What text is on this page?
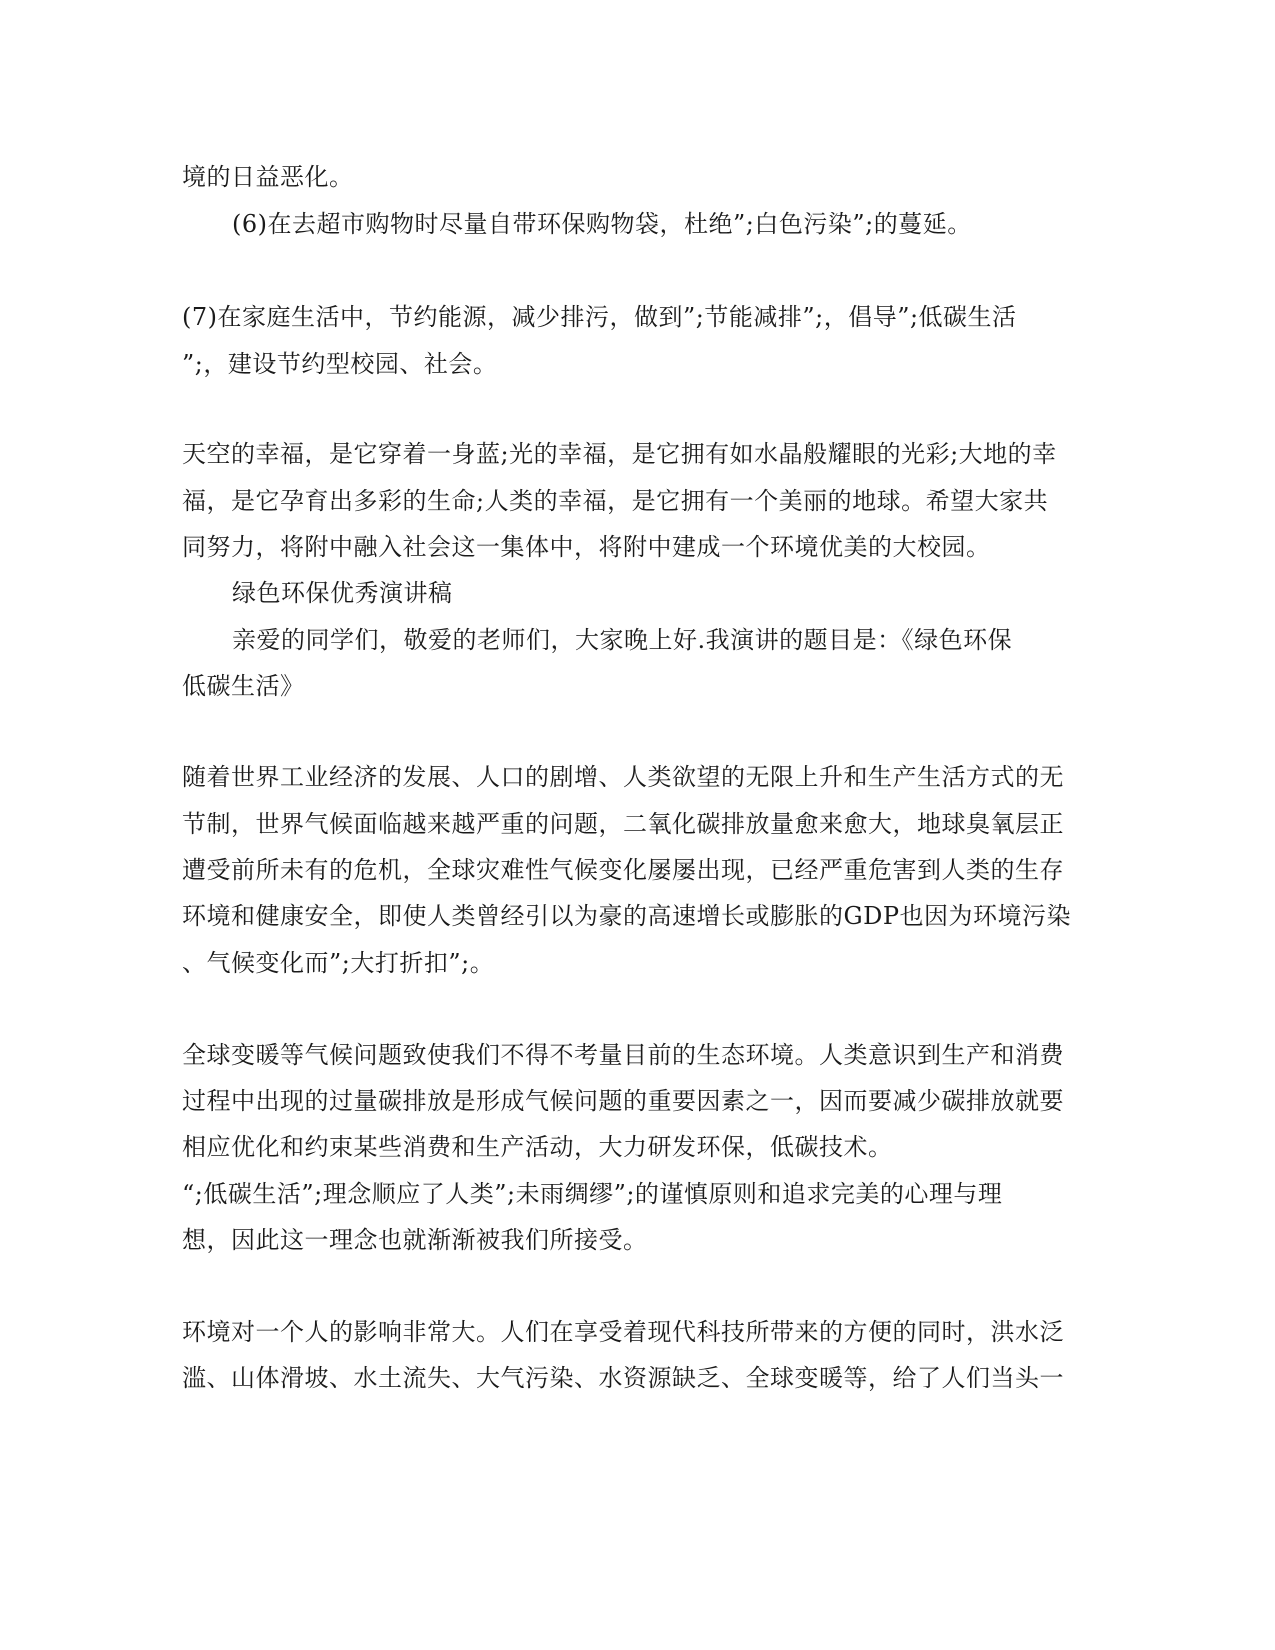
境的日益恶化。
(6)在去超市购物时尽量自带环保购物袋，杜绝”;白色污染”;的蔓延。
(7)在家庭生活中，节约能源，减少排污，做到”;节能减排”;，倡导”;低碳生活
”;，建设节约型校园、社会。
天空的幸福，是它穿着一身蓝;光的幸福，是它拥有如水晶般耀眼的光彩;大地的幸
福，是它孕育出多彩的生命;人类的幸福，是它拥有一个美丽的地球。希望大家共
同努力，将附中融入社会这一集体中，将附中建成一个环境优美的大校园。
绿色环保优秀演讲稿
亲爱的同学们，敬爱的老师们，大家晚上好.我演讲的题目是：《绿色环保
低碳生活》
随着世界工业经济的发展、人口的剧增、人类欲望的无限上升和生产生活方式的无
节制，世界气候面临越来越严重的问题，二氧化碳排放量愈来愈大，地球臭氧层正
遭受前所未有的危机，全球灾难性气候变化屡屡出现，已经严重危害到人类的生存
环境和健康安全，即使人类曾经引以为豪的高速增长或膨胀的GDP也因为环境污染
、气候变化而”;大打折扣”;。
全球变暖等气候问题致使我们不得不考量目前的生态环境。人类意识到生产和消费
过程中出现的过量碳排放是形成气候问题的重要因素之一，因而要减少碳排放就要
相应优化和约束某些消费和生产活动，大力研发环保，低碳技术。
“;低碳生活”;理念顺应了人类”;未雨绸缪”;的谨慎原则和追求完美的心理与理
想，因此这一理念也就渐渐被我们所接受。
环境对一个人的影响非常大。人们在享受着现代科技所带来的方便的同时，洪水泛
滥、山体滑坡、水土流失、大气污染、水资源缺乏、全球变暖等，给了人们当头一
